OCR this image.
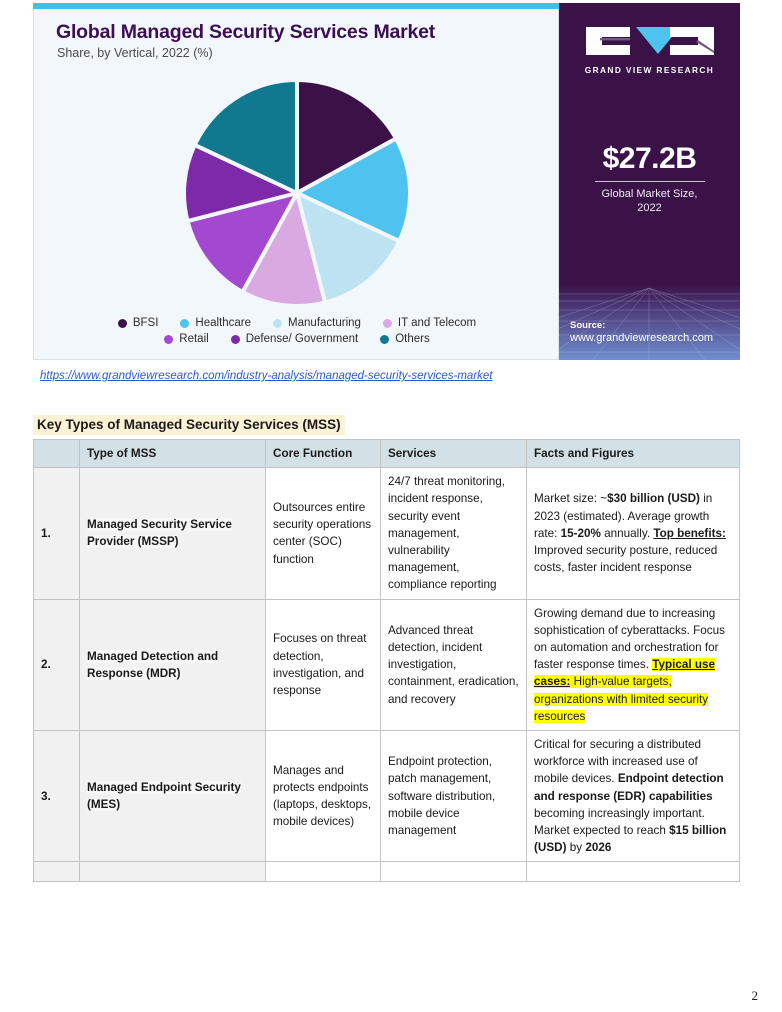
Global Managed Security Services Market
Share, by Vertical, 2022 (%)
BFSI	Healthcare	Manufacturing	IT and Telecom
Retail	Defense/ Government	Others
GRAND VIEW RESEARCH
$27.2B
Global Market Size,
2022
Source:
www.grandviewresearch.com
https://www.grandviewresearch.com/industry-analysis/managed-security-services-market
Key Types of Managed Security Services (MSS)
	Type of MSS	Core Function	Services	Facts and Figures
1.	Managed Security Service Provider (MSSP)	Outsources entire security operations center (SOC) function	24/7 threat monitoring, incident response, security event management, vulnerability management, compliance reporting	Market size: ~$30 billion (USD) in 2023 (estimated). Average growth rate: 15-20% annually. Top benefits: Improved security posture, reduced costs, faster incident response
2.	Managed Detection and Response (MDR)	Focuses on threat detection, investigation, and response	Advanced threat detection, incident investigation, containment, eradication, and recovery	Growing demand due to increasing sophistication of cyberattacks. Focus on automation and orchestration for faster response times. Typical use cases: High-value targets, organizations with limited security resources
3.	Managed Endpoint Security (MES)	Manages and protects endpoints (laptops, desktops, mobile devices)	Endpoint protection, patch management, software distribution, mobile device management	Critical for securing a distributed workforce with increased use of mobile devices. Endpoint detection and response (EDR) capabilities becoming increasingly important. Market expected to reach $15 billion (USD) by 2026

2
